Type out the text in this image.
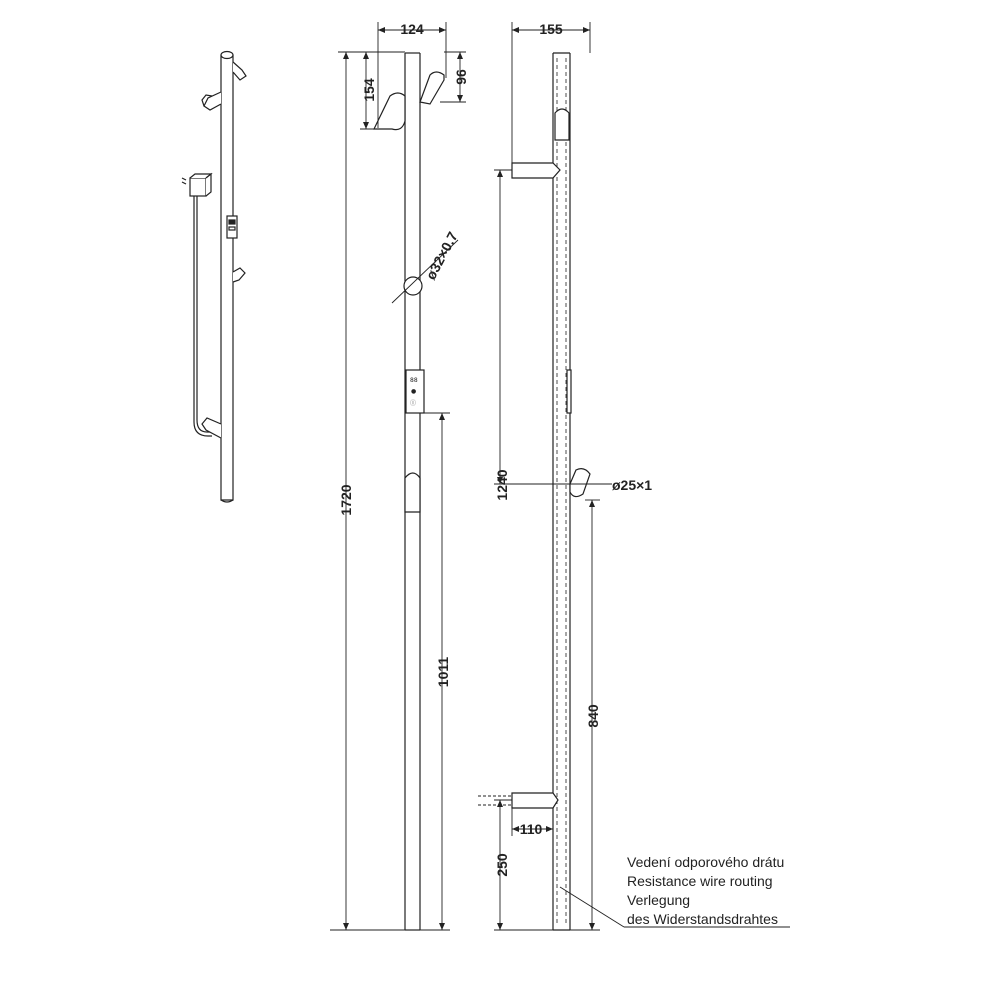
88
●
Ⓘ
1720
124
154
96
ø32×0.7
1011
155
1240	ø25×1
840
110
250	Vedení odporového drátu
Resistance wire routing
Verlegung
des Widerstandsdrahtes
